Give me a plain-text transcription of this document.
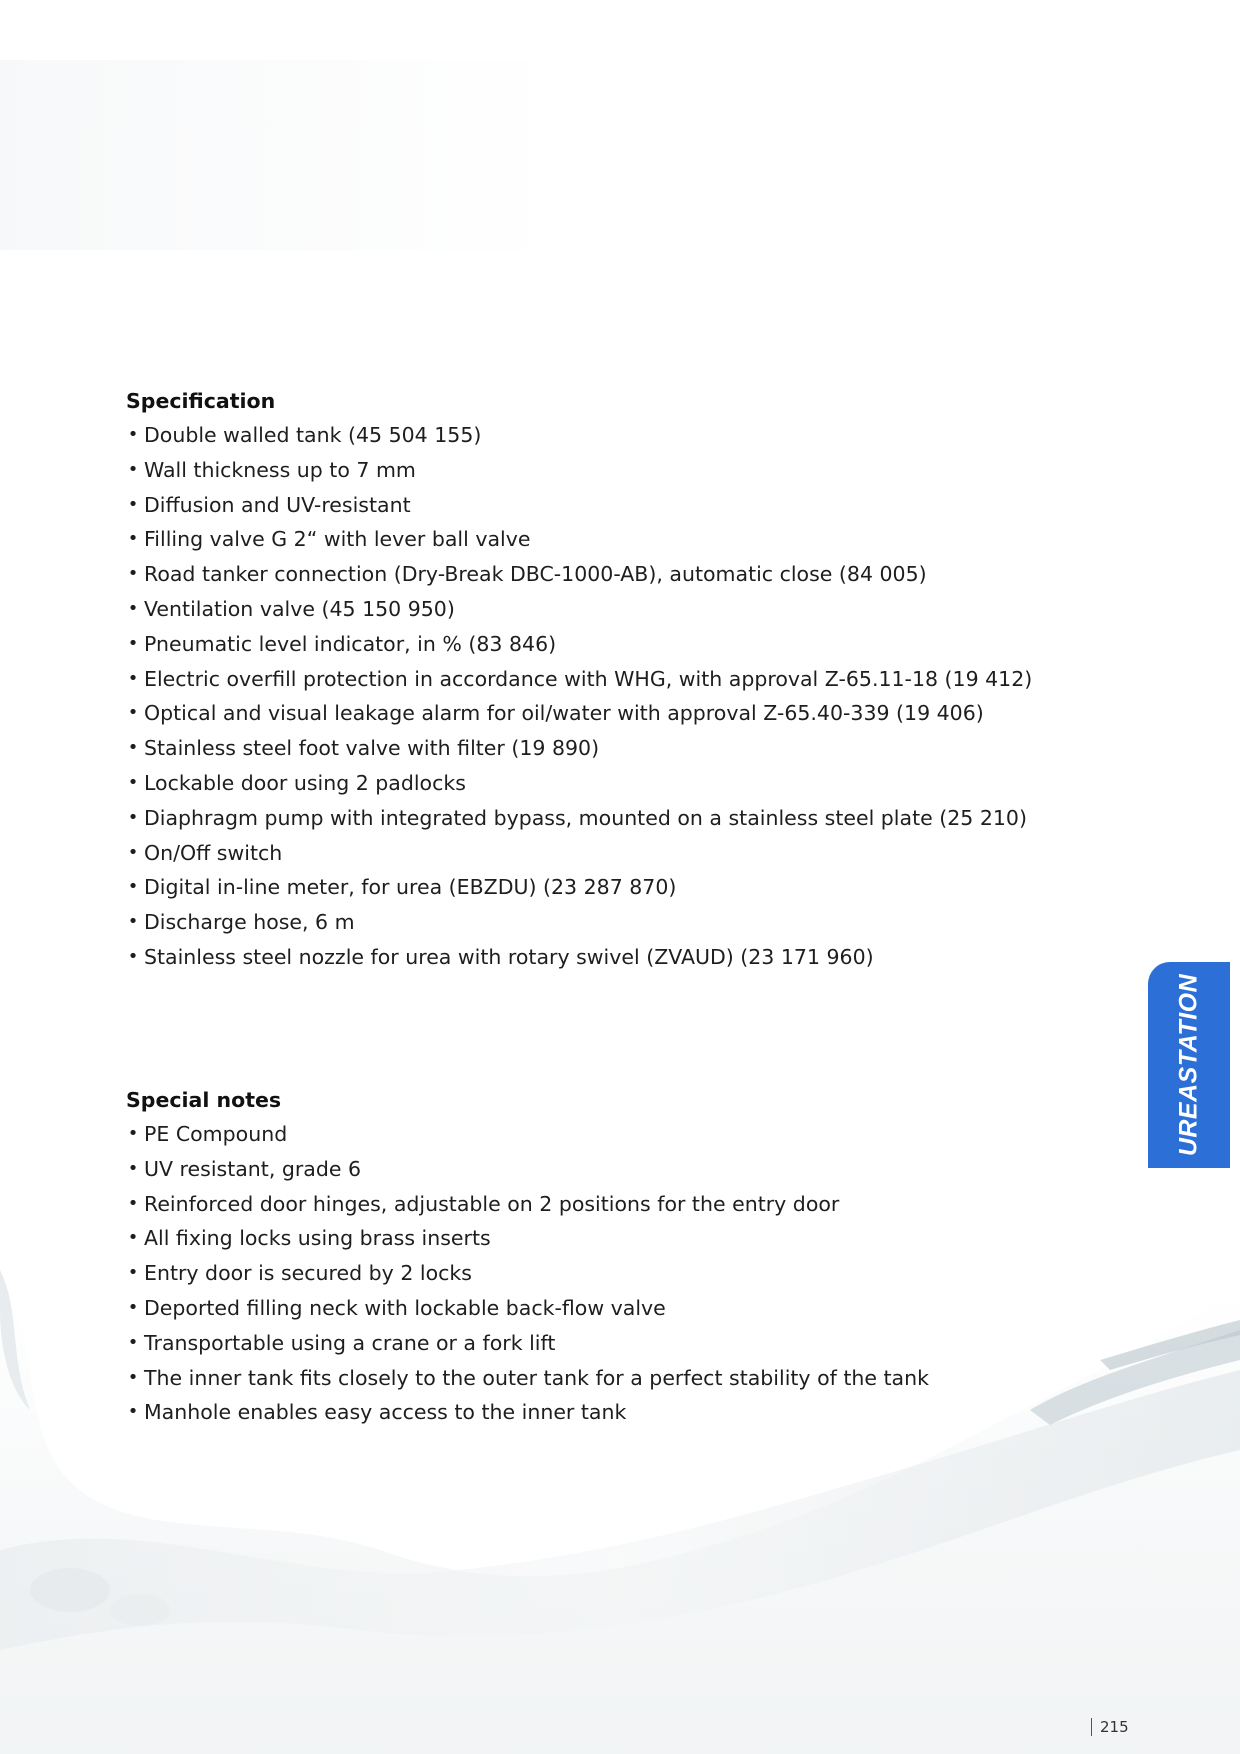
Specification
• Double walled tank (45 504 155)
• Wall thickness up to 7 mm
• Diffusion and UV-resistant
• Filling valve G 2“ with lever ball valve
• Road tanker connection (Dry-Break DBC-1000-AB), automatic close (84 005)
• Ventilation valve (45 150 950)
• Pneumatic level indicator, in % (83 846)
• Electric overfill protection in accordance with WHG, with approval Z-65.11-18 (19 412)
• Optical and visual leakage alarm for oil/water with approval Z-65.40-339 (19 406)
• Stainless steel foot valve with filter (19 890)
• Lockable door using 2 padlocks
• Diaphragm pump with integrated bypass, mounted on a stainless steel plate (25 210)
• On/Off switch
• Digital in-line meter, for urea (EBZDU) (23 287 870)
• Discharge hose, 6 m
• Stainless steel nozzle for urea with rotary swivel (ZVAUD) (23 171 960)
Special notes
• PE Compound
• UV resistant, grade 6
• Reinforced door hinges, adjustable on 2 positions for the entry door
• All fixing locks using brass inserts
• Entry door is secured by 2 locks
• Deported filling neck with lockable back-flow valve
• Transportable using a crane or a fork lift
• The inner tank fits closely to the outer tank for a perfect stability of the tank
• Manhole enables easy access to the inner tank
UREASTATION
215
